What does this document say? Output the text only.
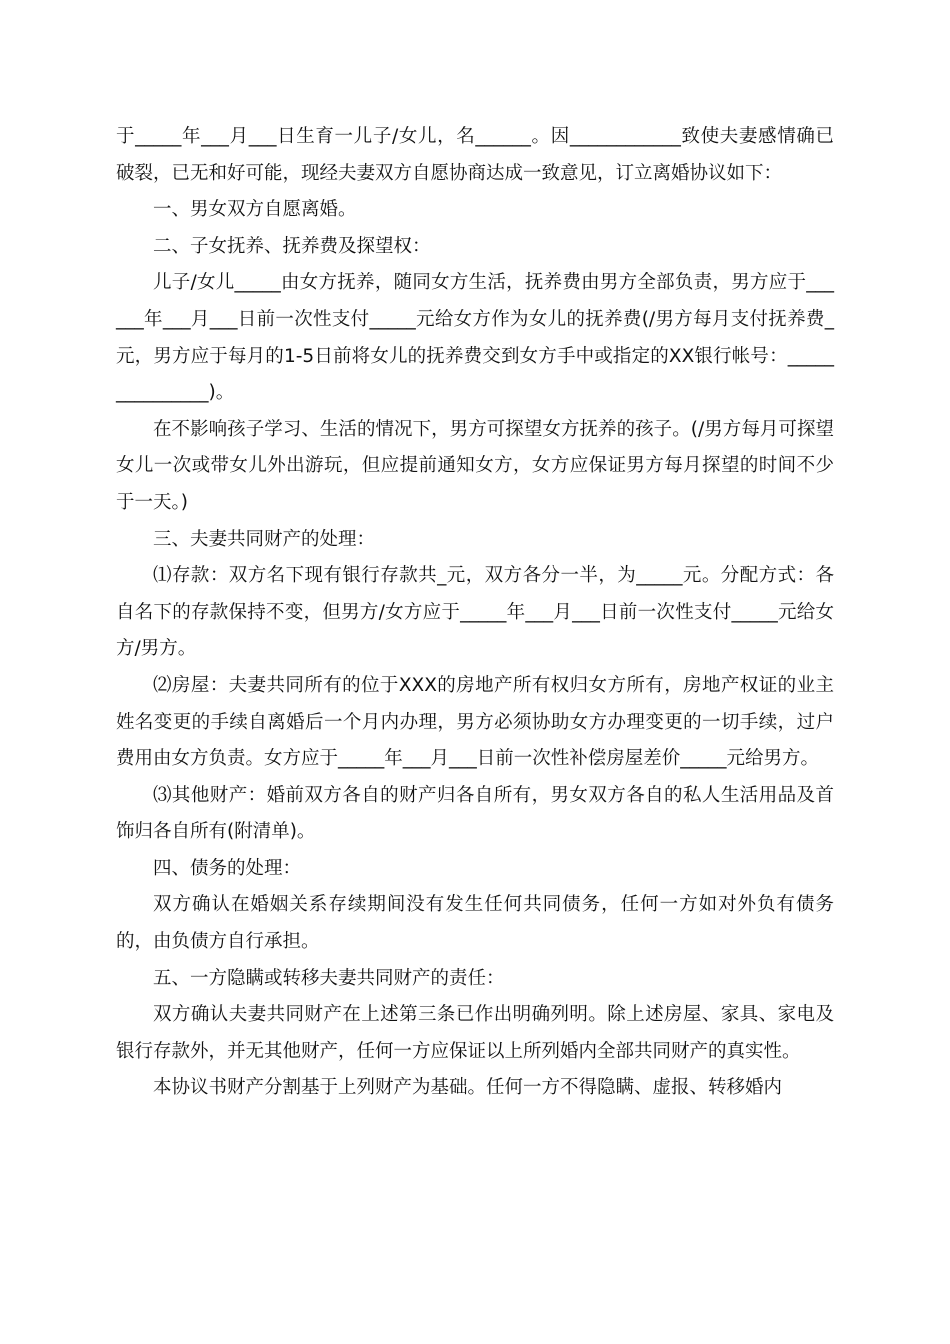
于_____年___月___日生育一儿子/女儿，名______。因____________致使夫妻感情确已破裂，已无和好可能，现经夫妻双方自愿协商达成一致意见，订立离婚协议如下：

一、男女双方自愿离婚。

二、子女抚养、抚养费及探望权：

儿子/女儿_____由女方抚养，随同女方生活，抚养费由男方全部负责，男方应于______年___月___日前一次性支付_____元给女方作为女儿的抚养费(/男方每月支付抚养费_元，男方应于每月的1-5日前将女儿的抚养费交到女方手中或指定的XX银行帐号：_______________)。

在不影响孩子学习、生活的情况下，男方可探望女方抚养的孩子。(/男方每月可探望女儿一次或带女儿外出游玩，但应提前通知女方，女方应保证男方每月探望的时间不少于一天。)

三、夫妻共同财产的处理：

⑴存款：双方名下现有银行存款共_元，双方各分一半，为_____元。分配方式：各自名下的存款保持不变，但男方/女方应于_____年___月___日前一次性支付_____元给女方/男方。

⑵房屋：夫妻共同所有的位于XXX的房地产所有权归女方所有，房地产权证的业主姓名变更的手续自离婚后一个月内办理，男方必须协助女方办理变更的一切手续，过户费用由女方负责。女方应于_____年___月___日前一次性补偿房屋差价_____元给男方。

⑶其他财产：婚前双方各自的财产归各自所有，男女双方各自的私人生活用品及首饰归各自所有(附清单)。

四、债务的处理：

双方确认在婚姻关系存续期间没有发生任何共同债务，任何一方如对外负有债务的，由负债方自行承担。

五、一方隐瞒或转移夫妻共同财产的责任：

双方确认夫妻共同财产在上述第三条已作出明确列明。除上述房屋、家具、家电及银行存款外，并无其他财产，任何一方应保证以上所列婚内全部共同财产的真实性。

本协议书财产分割基于上列财产为基础。任何一方不得隐瞒、虚报、转移婚内
